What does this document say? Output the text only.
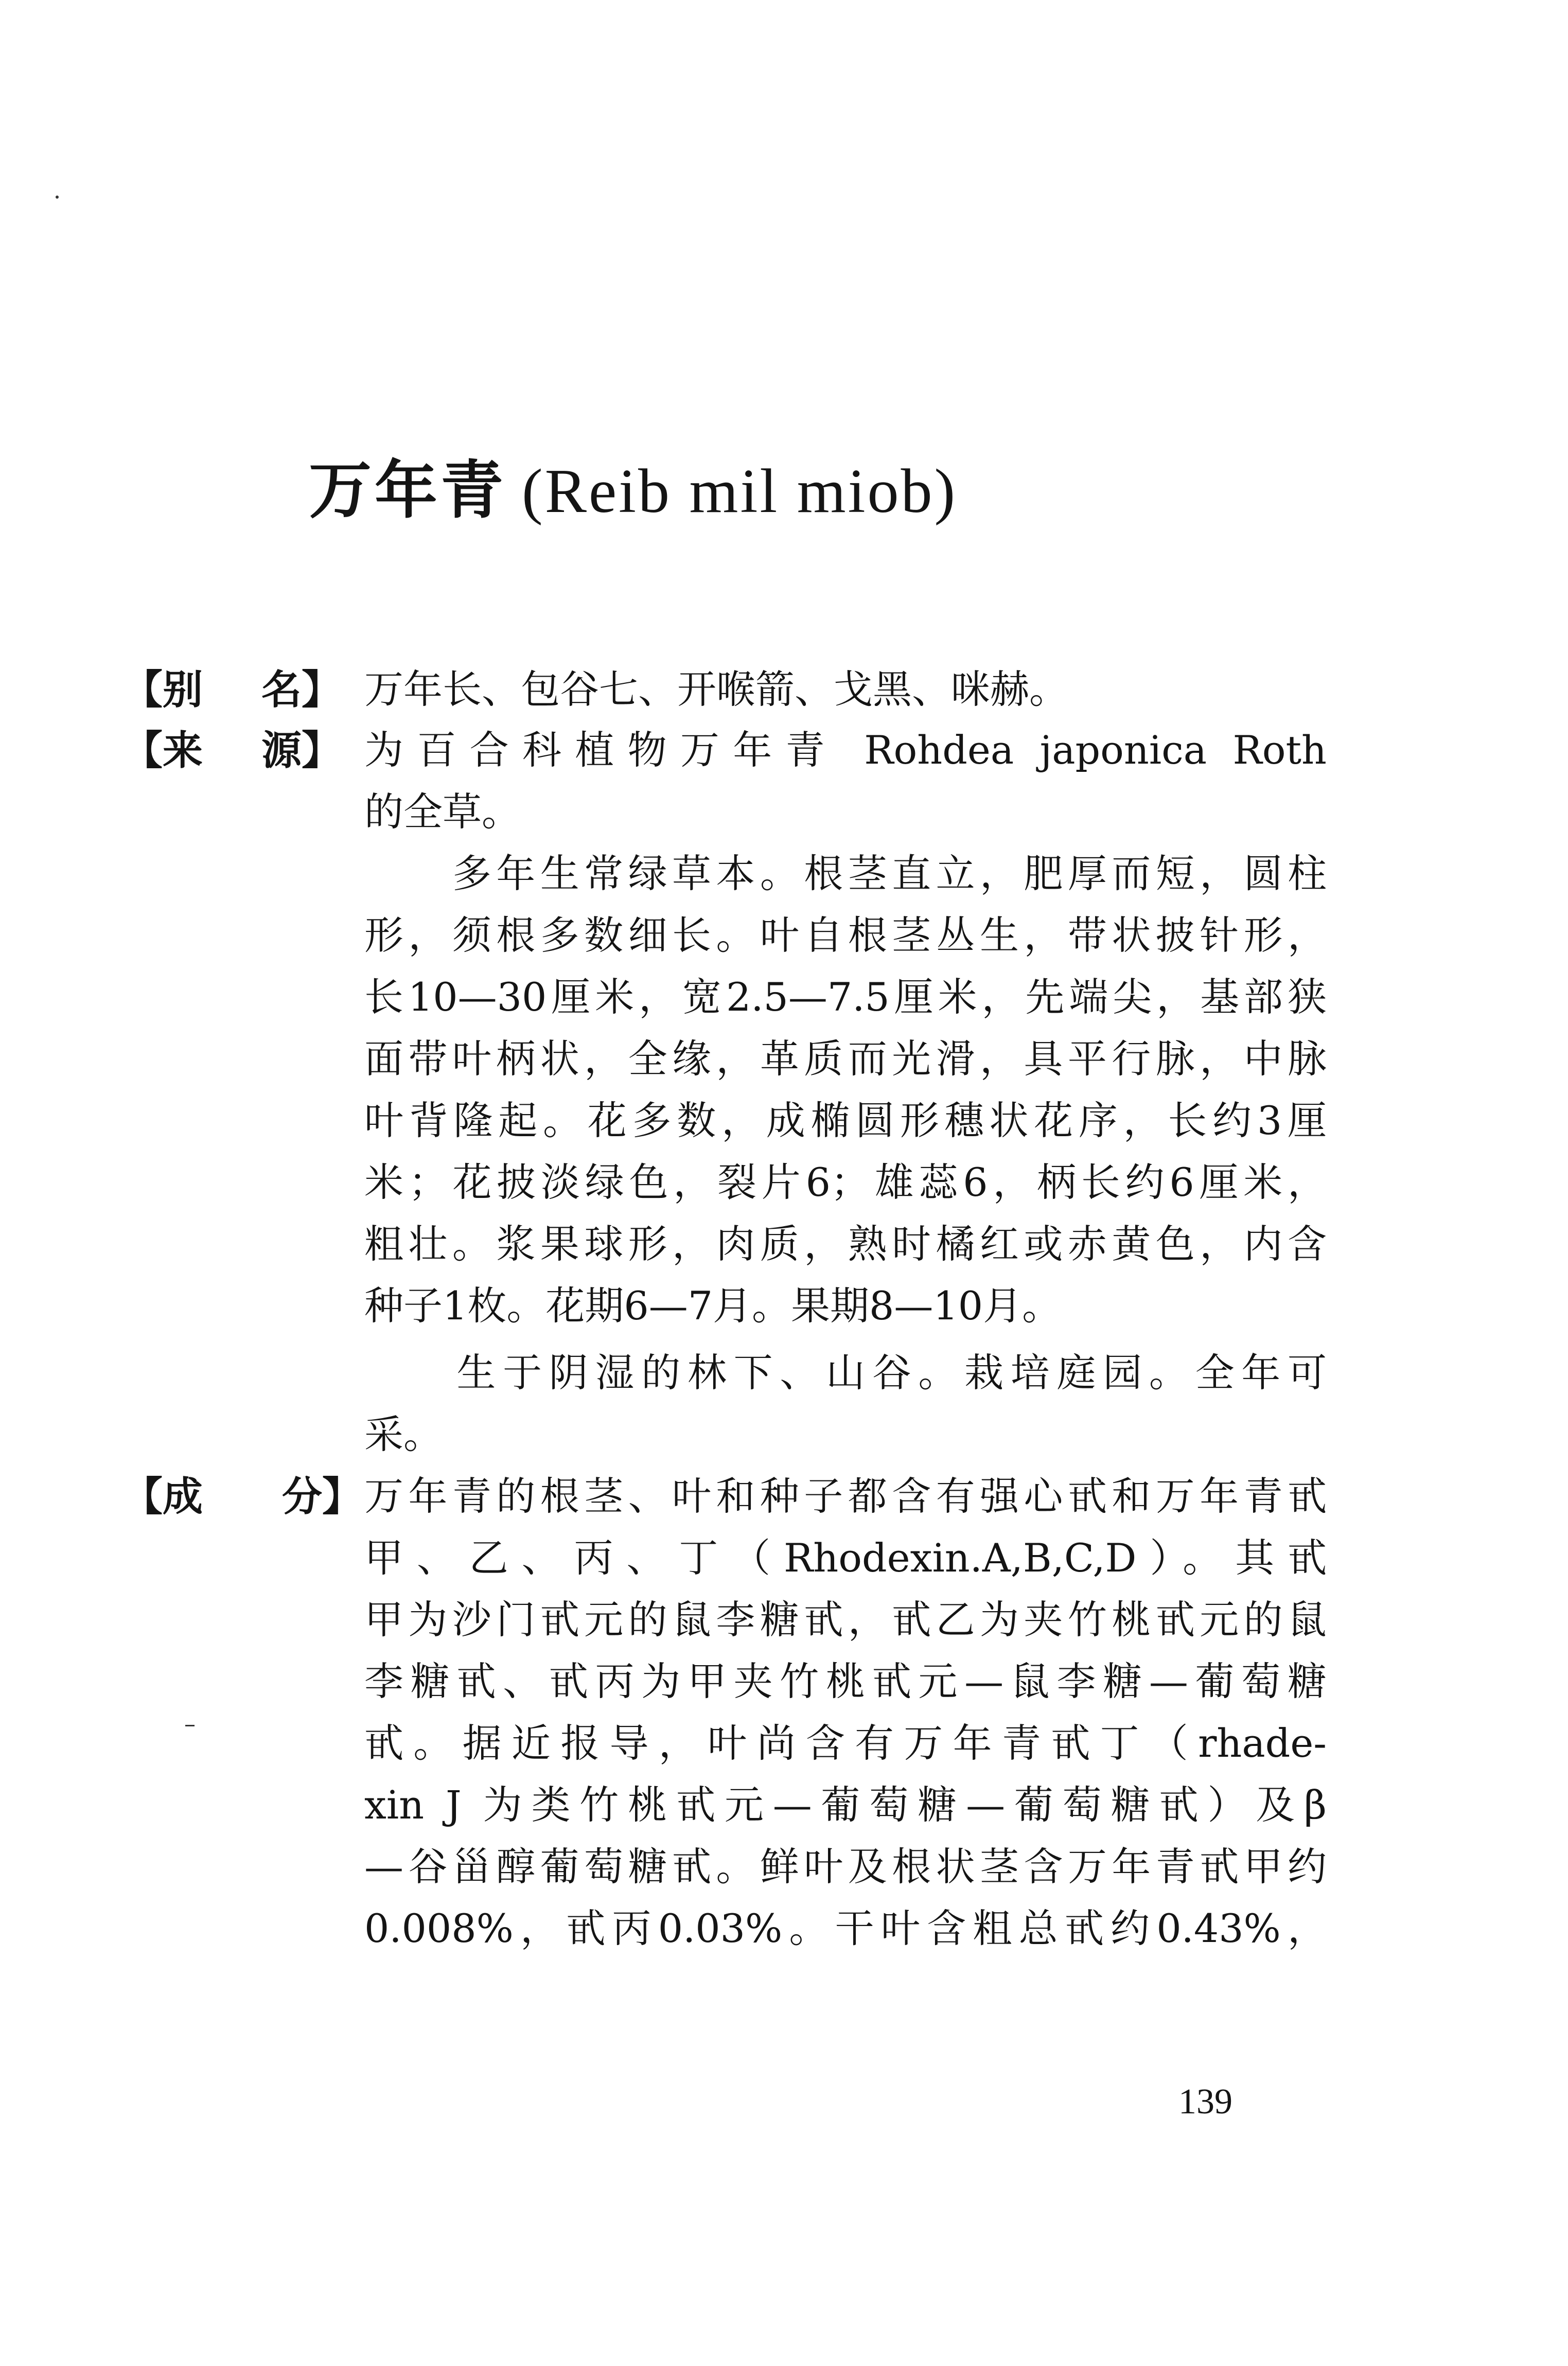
万年青 (Reib mil miob)
【别 名】 万年长、包谷七、开喉箭、戈黑、咪赫。
【来 源】 为百合科植物万年青 Rohdea japonica Roth
的全草。
　　多年生常绿草本。根茎直立，肥厚而短，圆柱
形，须根多数细长。叶自根茎丛生，带状披针形，
长10—30厘米，宽2.5—7.5厘米，先端尖，基部狭
面带叶柄状，全缘，革质而光滑，具平行脉，中脉
叶背隆起。花多数，成椭圆形穗状花序，长约3厘
米；花披淡绿色，裂片6；雄蕊6，柄长约6厘米，
粗壮。浆果球形，肉质，熟时橘红或赤黄色，内含
种子1枚。花期6—7月。果期8—10月。
　　生于阴湿的林下、山谷。栽培庭园。全年可
采。
【成 分】 万年青的根茎、叶和种子都含有强心甙和万年青甙
甲、乙、丙、丁（Rhodexin.A,B,C,D）。其甙
甲为沙门甙元的鼠李糖甙，甙乙为夹竹桃甙元的鼠
李糖甙、甙丙为甲夹竹桃甙元—鼠李糖—葡萄糖
甙。据近报导，叶尚含有万年青甙丁（rhade-
xin J 为类竹桃甙元—葡萄糖—葡萄糖甙）及β
—谷甾醇葡萄糖甙。鲜叶及根状茎含万年青甙甲约
0.008%，甙丙0.03%。干叶含粗总甙约0.43%，
139
